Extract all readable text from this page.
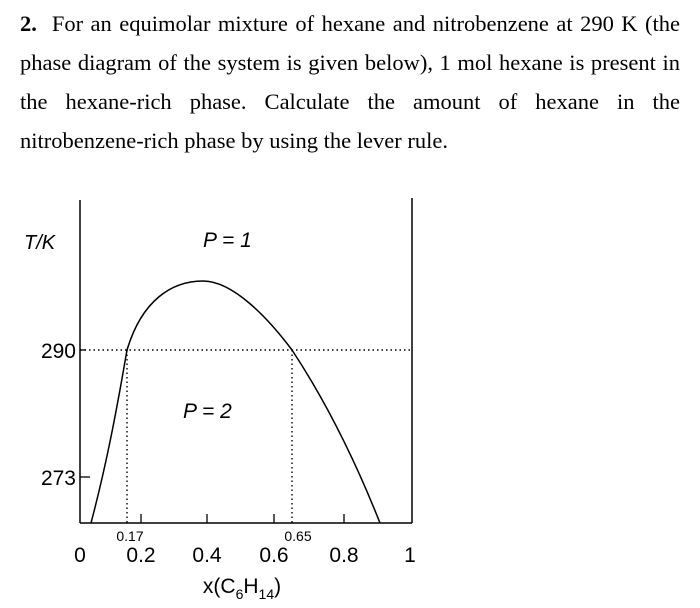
2. For an equimolar mixture of hexane and nitrobenzene at 290 K (the phase diagram of the system is given below), 1 mol hexane is present in the hexane-rich phase. Calculate the amount of hexane in the nitrobenzene-rich phase by using the lever rule.

T/K
290
273
P = 1
P = 2
0.17	0.65
0 0.2 0.4 0.6 0.8 1
$x(C_6H_{14})$
